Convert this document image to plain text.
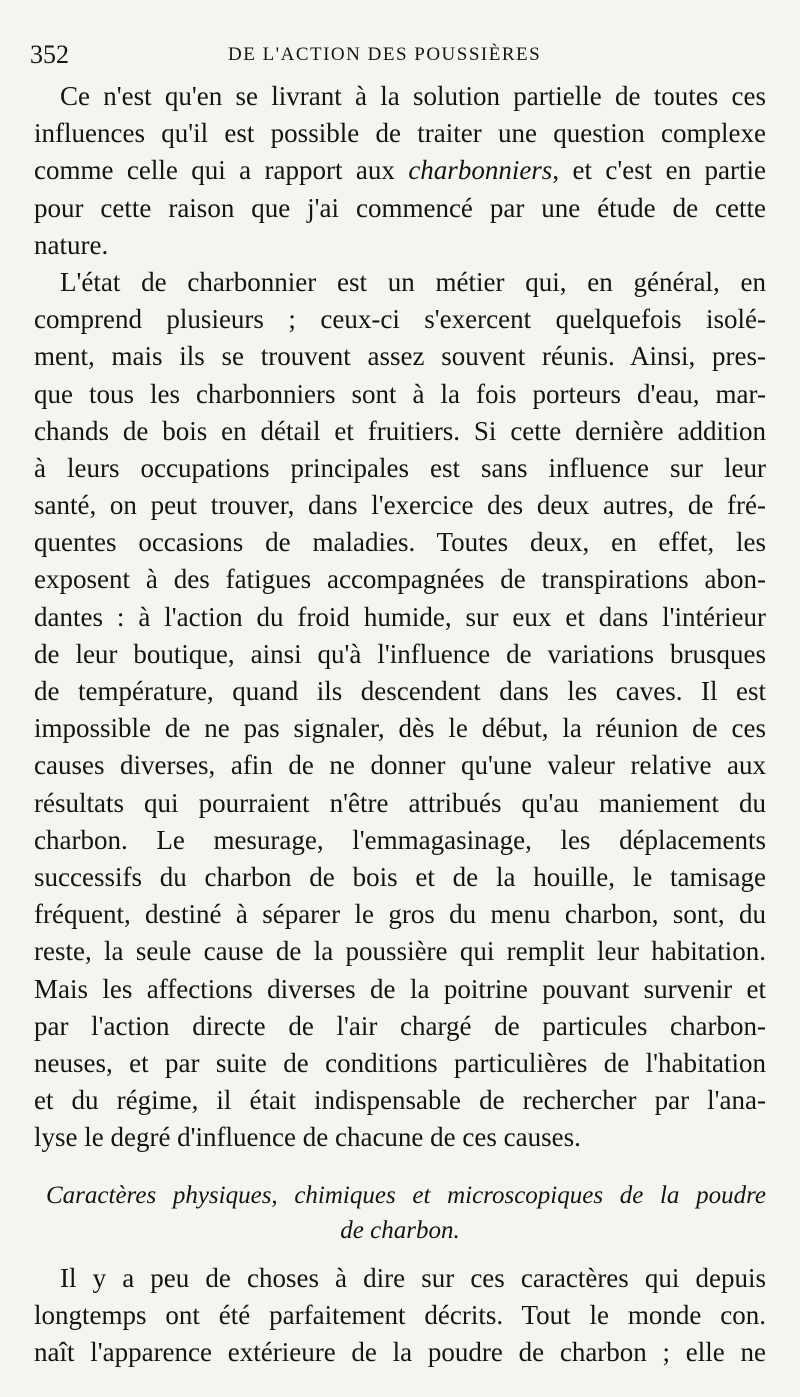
352	DE L'ACTION DES POUSSIÈRES
Ce n'est qu'en se livrant à la solution partielle de toutes ces
influences qu'il est possible de traiter une question complexe
comme celle qui a rapport aux charbonniers, et c'est en partie
pour cette raison que j'ai commencé par une étude de cette
nature.
L'état de charbonnier est un métier qui, en général, en
comprend plusieurs ; ceux-ci s'exercent quelquefois isolé-
ment, mais ils se trouvent assez souvent réunis. Ainsi, pres-
que tous les charbonniers sont à la fois porteurs d'eau, mar-
chands de bois en détail et fruitiers. Si cette dernière addition
à leurs occupations principales est sans influence sur leur
santé, on peut trouver, dans l'exercice des deux autres, de fré-
quentes occasions de maladies. Toutes deux, en effet, les
exposent à des fatigues accompagnées de transpirations abon-
dantes : à l'action du froid humide, sur eux et dans l'intérieur
de leur boutique, ainsi qu'à l'influence de variations brusques
de température, quand ils descendent dans les caves. Il est
impossible de ne pas signaler, dès le début, la réunion de ces
causes diverses, afin de ne donner qu'une valeur relative aux
résultats qui pourraient n'être attribués qu'au maniement du
charbon. Le mesurage, l'emmagasinage, les déplacements
successifs du charbon de bois et de la houille, le tamisage
fréquent, destiné à séparer le gros du menu charbon, sont, du
reste, la seule cause de la poussière qui remplit leur habitation.
Mais les affections diverses de la poitrine pouvant survenir et
par l'action directe de l'air chargé de particules charbon-
neuses, et par suite de conditions particulières de l'habitation
et du régime, il était indispensable de rechercher par l'ana-
lyse le degré d'influence de chacune de ces causes.
Caractères physiques, chimiques et microscopiques de la poudre
de charbon.
Il y a peu de choses à dire sur ces caractères qui depuis
longtemps ont été parfaitement décrits. Tout le monde con.
naît l'apparence extérieure de la poudre de charbon ; elle ne
